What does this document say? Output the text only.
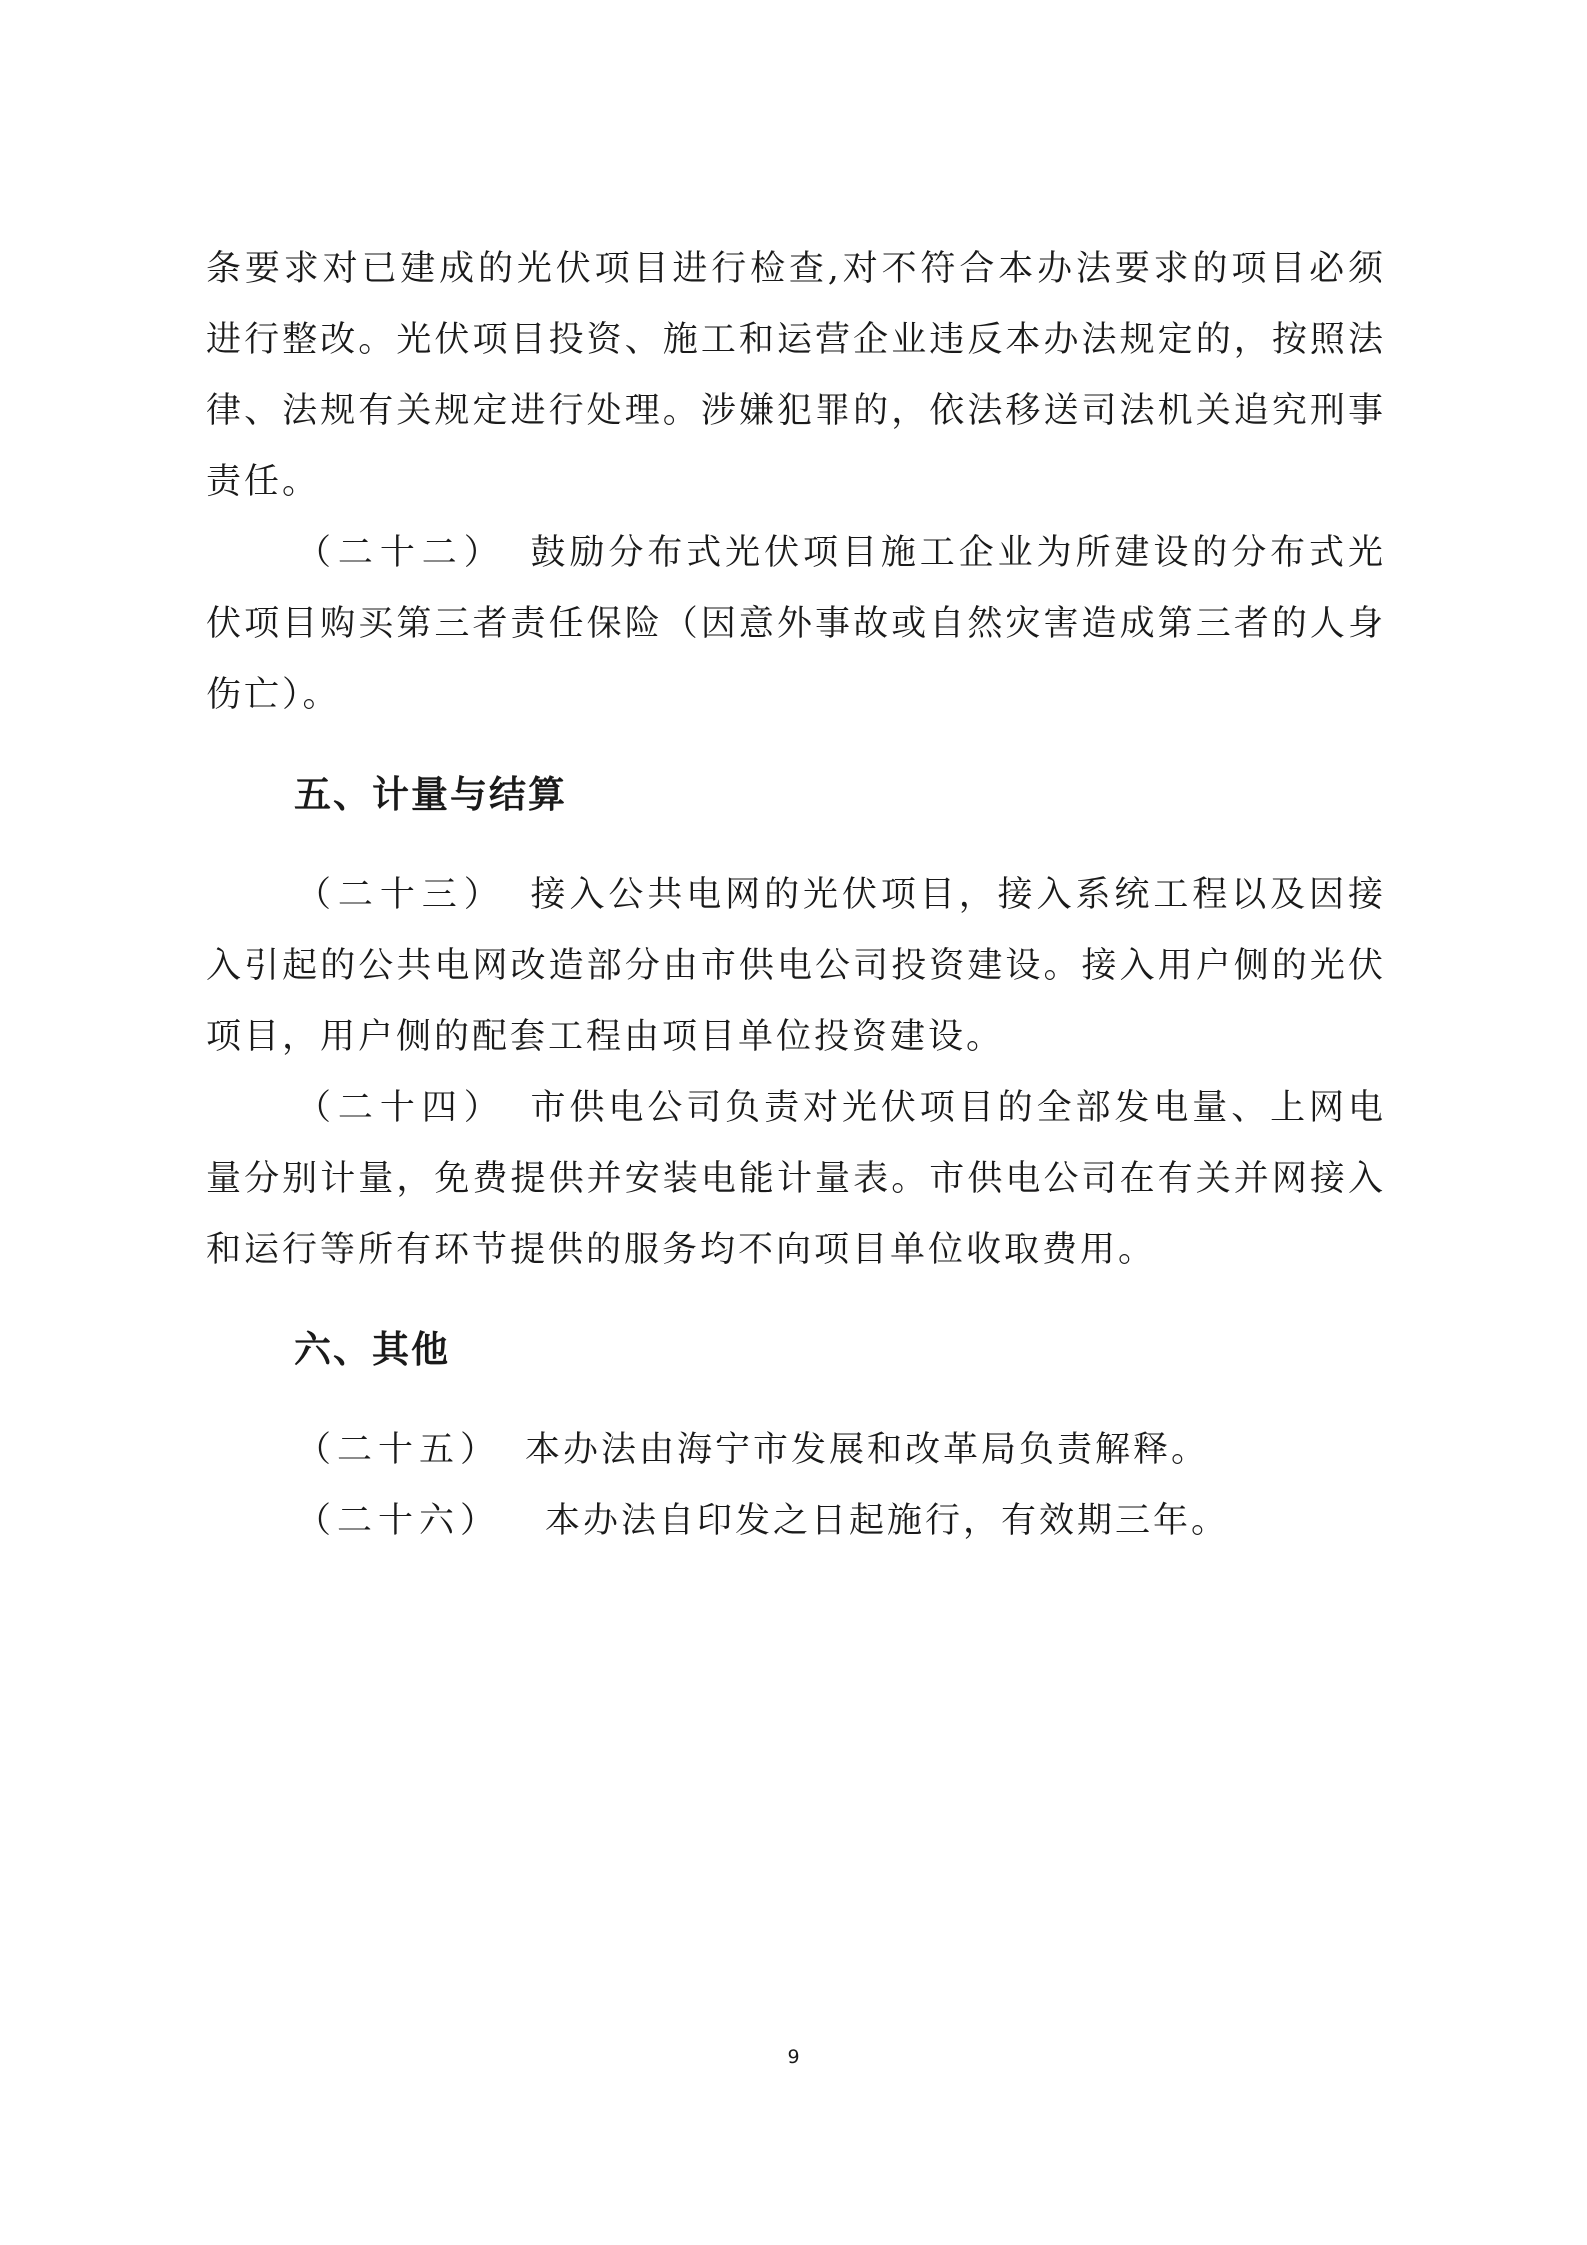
条要求对已建成的光伏项目进行检查,对不符合本办法要求的项目必须进行整改。光伏项目投资、施工和运营企业违反本办法规定的，按照法律、法规有关规定进行处理。涉嫌犯罪的，依法移送司法机关追究刑事责任。

（二十二） 鼓励分布式光伏项目施工企业为所建设的分布式光伏项目购买第三者责任保险（因意外事故或自然灾害造成第三者的人身伤亡）。

五、计量与结算

（二十三） 接入公共电网的光伏项目，接入系统工程以及因接入引起的公共电网改造部分由市供电公司投资建设。接入用户侧的光伏项目，用户侧的配套工程由项目单位投资建设。

（二十四） 市供电公司负责对光伏项目的全部发电量、上网电量分别计量，免费提供并安装电能计量表。市供电公司在有关并网接入和运行等所有环节提供的服务均不向项目单位收取费用。

六、其他

（二十五） 本办法由海宁市发展和改革局负责解释。

（二十六） 本办法自印发之日起施行，有效期三年。

9
